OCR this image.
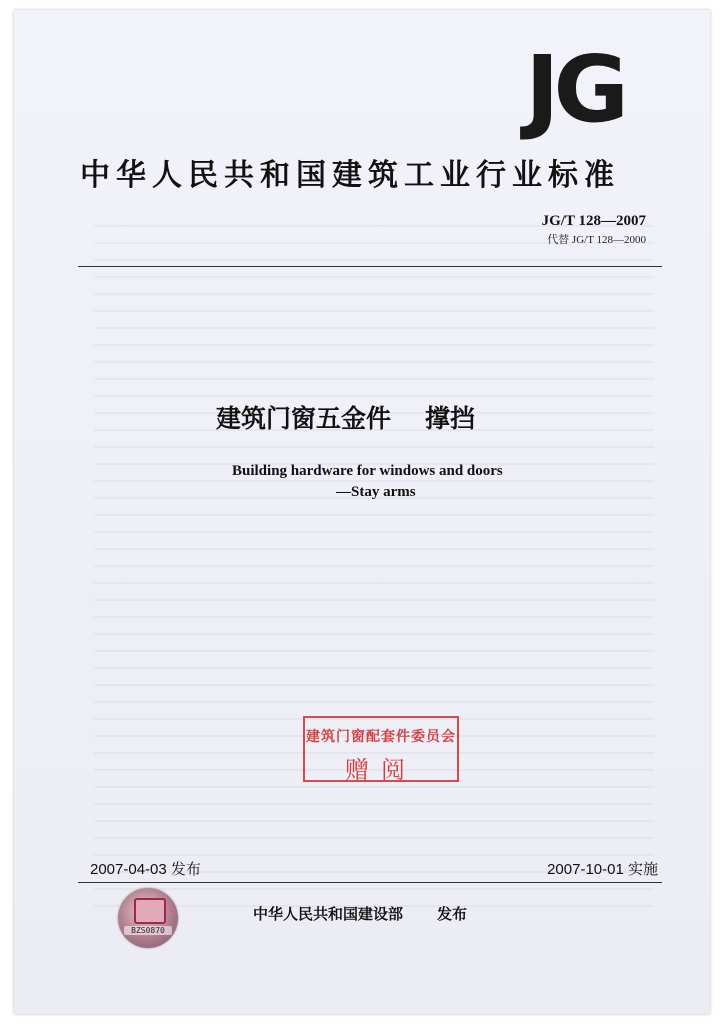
JG
中华人民共和国建筑工业行业标准
JG/T 128—2007
代替 JG/T 128—2000
建筑门窗五金件 撑挡
Building hardware for windows and doors
—Stay arms
建筑门窗配套件委员会
赠阅
2007-04-03 发布	2007-10-01 实施
BZS0870
中华人民共和国建设部 发布
